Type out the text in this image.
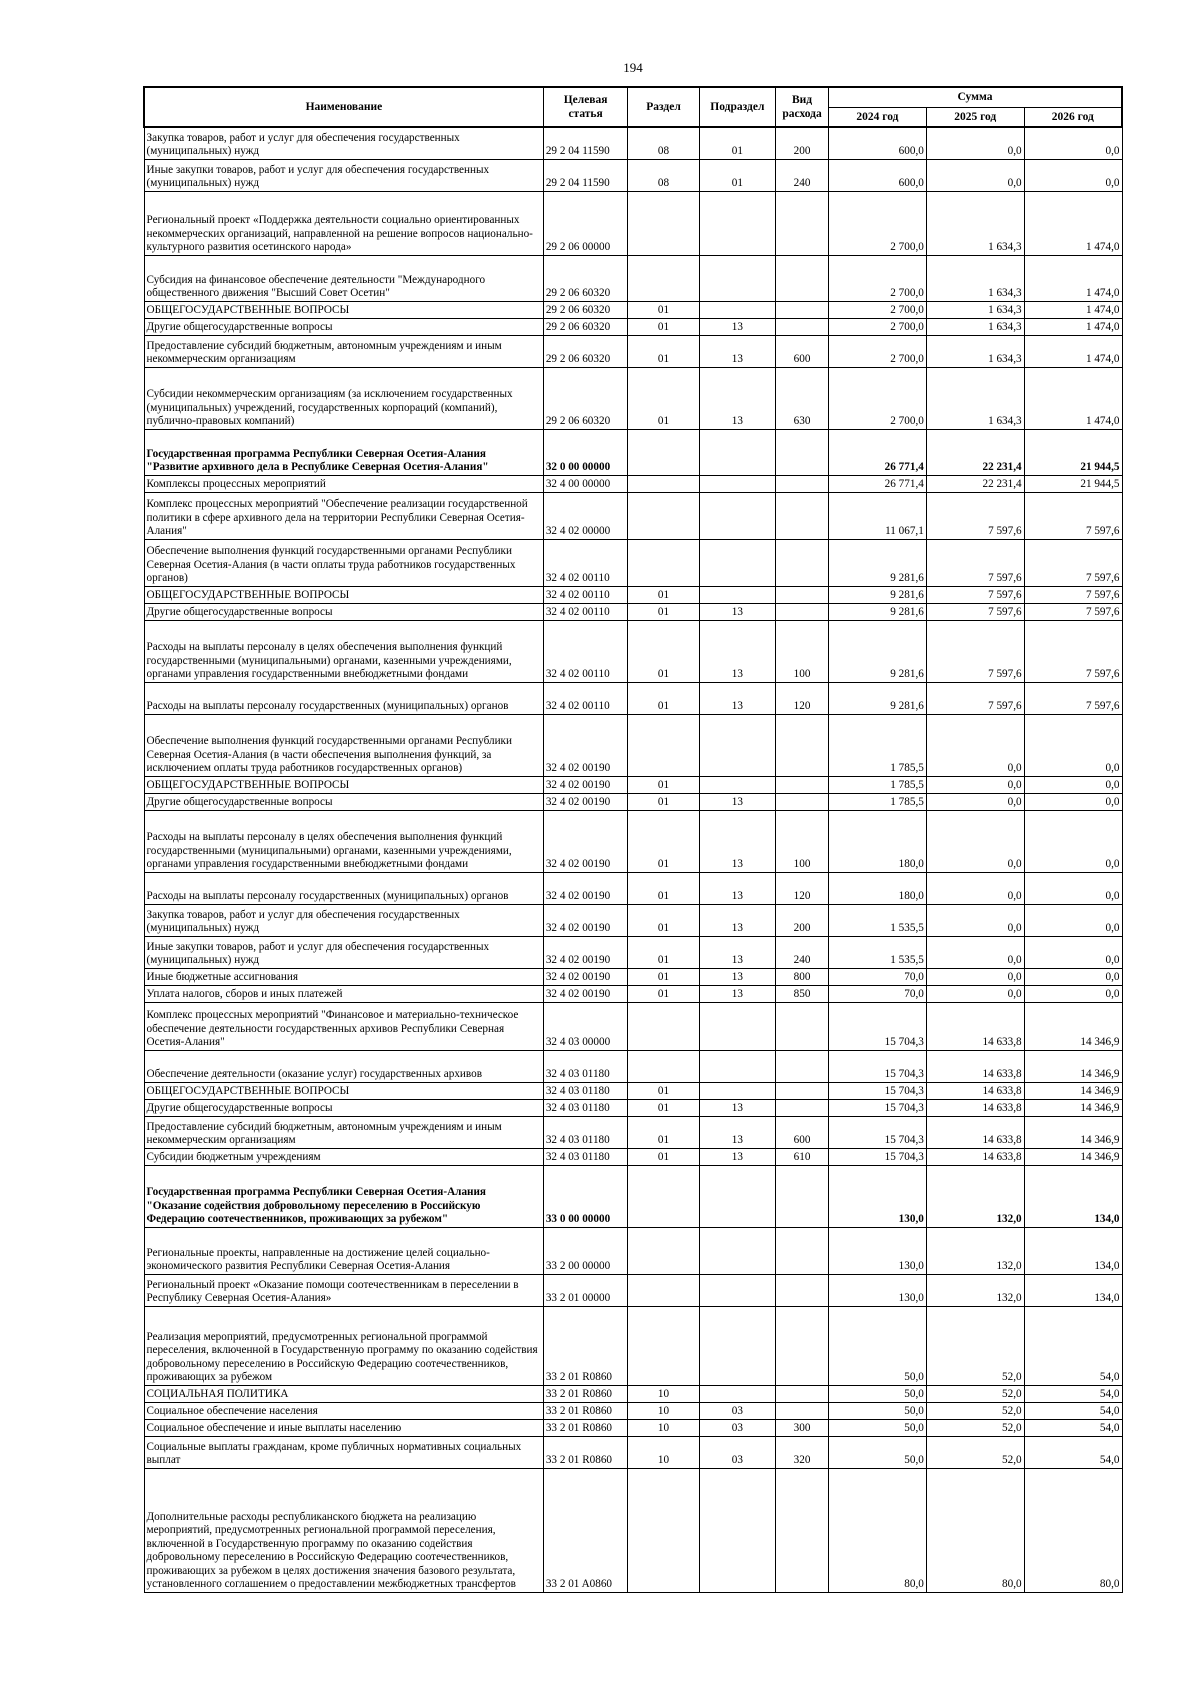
194
Наименование	Целевая статья	Раздел	Подраздел	Вид расхода	Сумма		
					2024 год	2025 год	2026 год
Закупка товаров, работ и услуг для обеспечения государственных (муниципальных) нужд	29 2 04 11590	08	01	200	600,0	0,0	0,0
Иные закупки товаров, работ и услуг для обеспечения государственных (муниципальных) нужд	29 2 04 11590	08	01	240	600,0	0,0	0,0
Региональный проект «Поддержка деятельности социально ориентированных некоммерческих организаций, направленной на решение вопросов национально-культурного развития осетинского народа»	29 2 06 00000				2 700,0	1 634,3	1 474,0
Субсидия на финансовое обеспечение деятельности "Международного общественного движения "Высший Совет Осетин"	29 2 06 60320				2 700,0	1 634,3	1 474,0
ОБЩЕГОСУДАРСТВЕННЫЕ ВОПРОСЫ	29 2 06 60320	01			2 700,0	1 634,3	1 474,0
Другие общегосударственные вопросы	29 2 06 60320	01	13		2 700,0	1 634,3	1 474,0
Предоставление субсидий бюджетным, автономным учреждениям и иным некоммерческим организациям	29 2 06 60320	01	13	600	2 700,0	1 634,3	1 474,0
Субсидии некоммерческим организациям (за исключением государственных (муниципальных) учреждений, государственных корпораций (компаний), публично-правовых компаний)	29 2 06 60320	01	13	630	2 700,0	1 634,3	1 474,0
Государственная программа Республики Северная Осетия-Алания "Развитие архивного дела в Республике Северная Осетия-Алания"	32 0 00 00000				26 771,4	22 231,4	21 944,5
Комплексы процессных мероприятий	32 4 00 00000				26 771,4	22 231,4	21 944,5
Комплекс процессных мероприятий "Обеспечение реализации государственной политики в сфере архивного дела на территории Республики Северная Осетия-Алания"	32 4 02 00000				11 067,1	7 597,6	7 597,6
Обеспечение выполнения функций государственными органами Республики Северная Осетия-Алания (в части оплаты труда работников государственных органов)	32 4 02 00110				9 281,6	7 597,6	7 597,6
ОБЩЕГОСУДАРСТВЕННЫЕ ВОПРОСЫ	32 4 02 00110	01			9 281,6	7 597,6	7 597,6
Другие общегосударственные вопросы	32 4 02 00110	01	13		9 281,6	7 597,6	7 597,6
Расходы на выплаты персоналу в целях обеспечения выполнения функций государственными (муниципальными) органами, казенными учреждениями, органами управления государственными внебюджетными фондами	32 4 02 00110	01	13	100	9 281,6	7 597,6	7 597,6
Расходы на выплаты персоналу государственных (муниципальных) органов	32 4 02 00110	01	13	120	9 281,6	7 597,6	7 597,6
Обеспечение выполнения функций государственными органами Республики Северная Осетия-Алания (в части обеспечения выполнения функций, за исключением оплаты труда работников государственных органов)	32 4 02 00190				1 785,5	0,0	0,0
ОБЩЕГОСУДАРСТВЕННЫЕ ВОПРОСЫ	32 4 02 00190	01			1 785,5	0,0	0,0
Другие общегосударственные вопросы	32 4 02 00190	01	13		1 785,5	0,0	0,0
Расходы на выплаты персоналу в целях обеспечения выполнения функций государственными (муниципальными) органами, казенными учреждениями, органами управления государственными внебюджетными фондами	32 4 02 00190	01	13	100	180,0	0,0	0,0
Расходы на выплаты персоналу государственных (муниципальных) органов	32 4 02 00190	01	13	120	180,0	0,0	0,0
Закупка товаров, работ и услуг для обеспечения государственных (муниципальных) нужд	32 4 02 00190	01	13	200	1 535,5	0,0	0,0
Иные закупки товаров, работ и услуг для обеспечения государственных (муниципальных) нужд	32 4 02 00190	01	13	240	1 535,5	0,0	0,0
Иные бюджетные ассигнования	32 4 02 00190	01	13	800	70,0	0,0	0,0
Уплата налогов, сборов и иных платежей	32 4 02 00190	01	13	850	70,0	0,0	0,0
Комплекс процессных мероприятий "Финансовое и материально-техническое обеспечение деятельности государственных архивов Республики Северная Осетия-Алания"	32 4 03 00000				15 704,3	14 633,8	14 346,9
Обеспечение деятельности (оказание услуг) государственных архивов	32 4 03 01180				15 704,3	14 633,8	14 346,9
ОБЩЕГОСУДАРСТВЕННЫЕ ВОПРОСЫ	32 4 03 01180	01			15 704,3	14 633,8	14 346,9
Другие общегосударственные вопросы	32 4 03 01180	01	13		15 704,3	14 633,8	14 346,9
Предоставление субсидий бюджетным, автономным учреждениям и иным некоммерческим организациям	32 4 03 01180	01	13	600	15 704,3	14 633,8	14 346,9
Субсидии бюджетным учреждениям	32 4 03 01180	01	13	610	15 704,3	14 633,8	14 346,9
Государственная программа Республики Северная Осетия-Алания "Оказание содействия добровольному переселению в Российскую Федерацию соотечественников, проживающих за рубежом"	33 0 00 00000				130,0	132,0	134,0
Региональные проекты, направленные на достижение целей социально-экономического развития Республики Северная Осетия-Алания	33 2 00 00000				130,0	132,0	134,0
Региональный проект «Оказание помощи соотечественникам в переселении в Республику Северная Осетия-Алания»	33 2 01 00000				130,0	132,0	134,0
Реализация мероприятий, предусмотренных региональной программой переселения, включенной в Государственную программу по оказанию содействия добровольному переселению в Российскую Федерацию соотечественников, проживающих за рубежом	33 2 01 R0860				50,0	52,0	54,0
СОЦИАЛЬНАЯ ПОЛИТИКА	33 2 01 R0860	10			50,0	52,0	54,0
Социальное обеспечение населения	33 2 01 R0860	10	03		50,0	52,0	54,0
Социальное обеспечение и иные выплаты населению	33 2 01 R0860	10	03	300	50,0	52,0	54,0
Социальные выплаты гражданам, кроме публичных нормативных социальных выплат	33 2 01 R0860	10	03	320	50,0	52,0	54,0
Дополнительные расходы республиканского бюджета на реализацию мероприятий, предусмотренных региональной программой переселения, включенной в Государственную программу по оказанию содействия добровольному переселению в Российскую Федерацию соотечественников, проживающих за рубежом в целях достижения значения базового результата, установленного соглашением о предоставлении межбюджетных трансфертов	33 2 01 A0860				80,0	80,0	80,0
